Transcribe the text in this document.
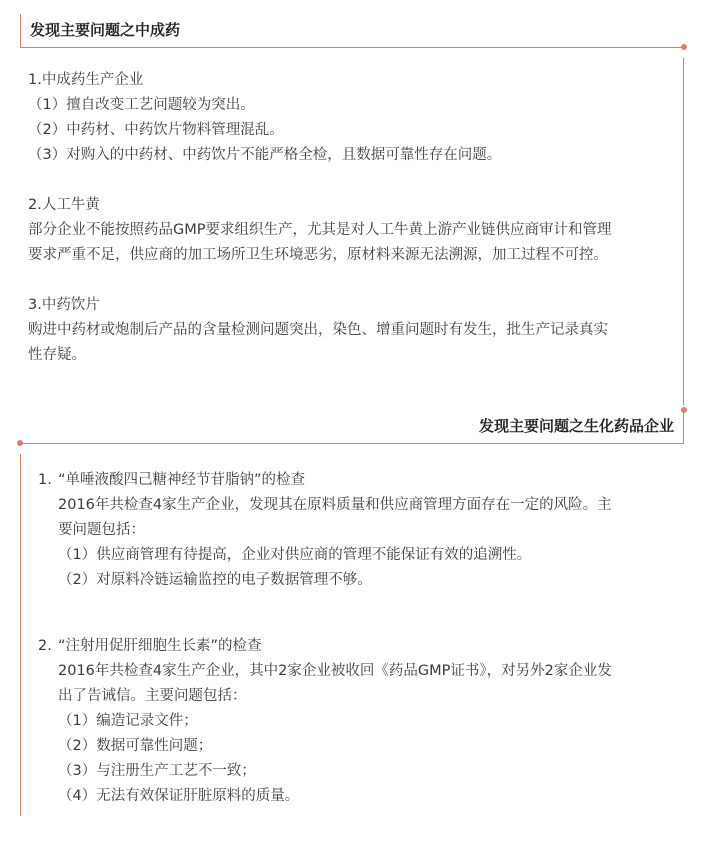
发现主要问题之中成药
1.中成药生产企业
（1）擅自改变工艺问题较为突出。
（2）中药材、中药饮片物料管理混乱。
（3）对购入的中药材、中药饮片不能严格全检，且数据可靠性存在问题。
2.人工牛黄
部分企业不能按照药品GMP要求组织生产，尤其是对人工牛黄上游产业链供应商审计和管理
要求严重不足，供应商的加工场所卫生环境恶劣，原材料来源无法溯源，加工过程不可控。
3.中药饮片
购进中药材或炮制后产品的含量检测问题突出，染色、增重问题时有发生，批生产记录真实
性存疑。
发现主要问题之生化药品企业
1. “单唾液酸四己糖神经节苷脂钠”的检查
2016年共检查4家生产企业，发现其在原料质量和供应商管理方面存在一定的风险。主
要问题包括：
（1）供应商管理有待提高，企业对供应商的管理不能保证有效的追溯性。
（2）对原料冷链运输监控的电子数据管理不够。
2. “注射用促肝细胞生长素”的检查
2016年共检查4家生产企业，其中2家企业被收回《药品GMP证书》，对另外2家企业发
出了告诫信。主要问题包括：
（1）编造记录文件；
（2）数据可靠性问题；
（3）与注册生产工艺不一致；
（4）无法有效保证肝脏原料的质量。
